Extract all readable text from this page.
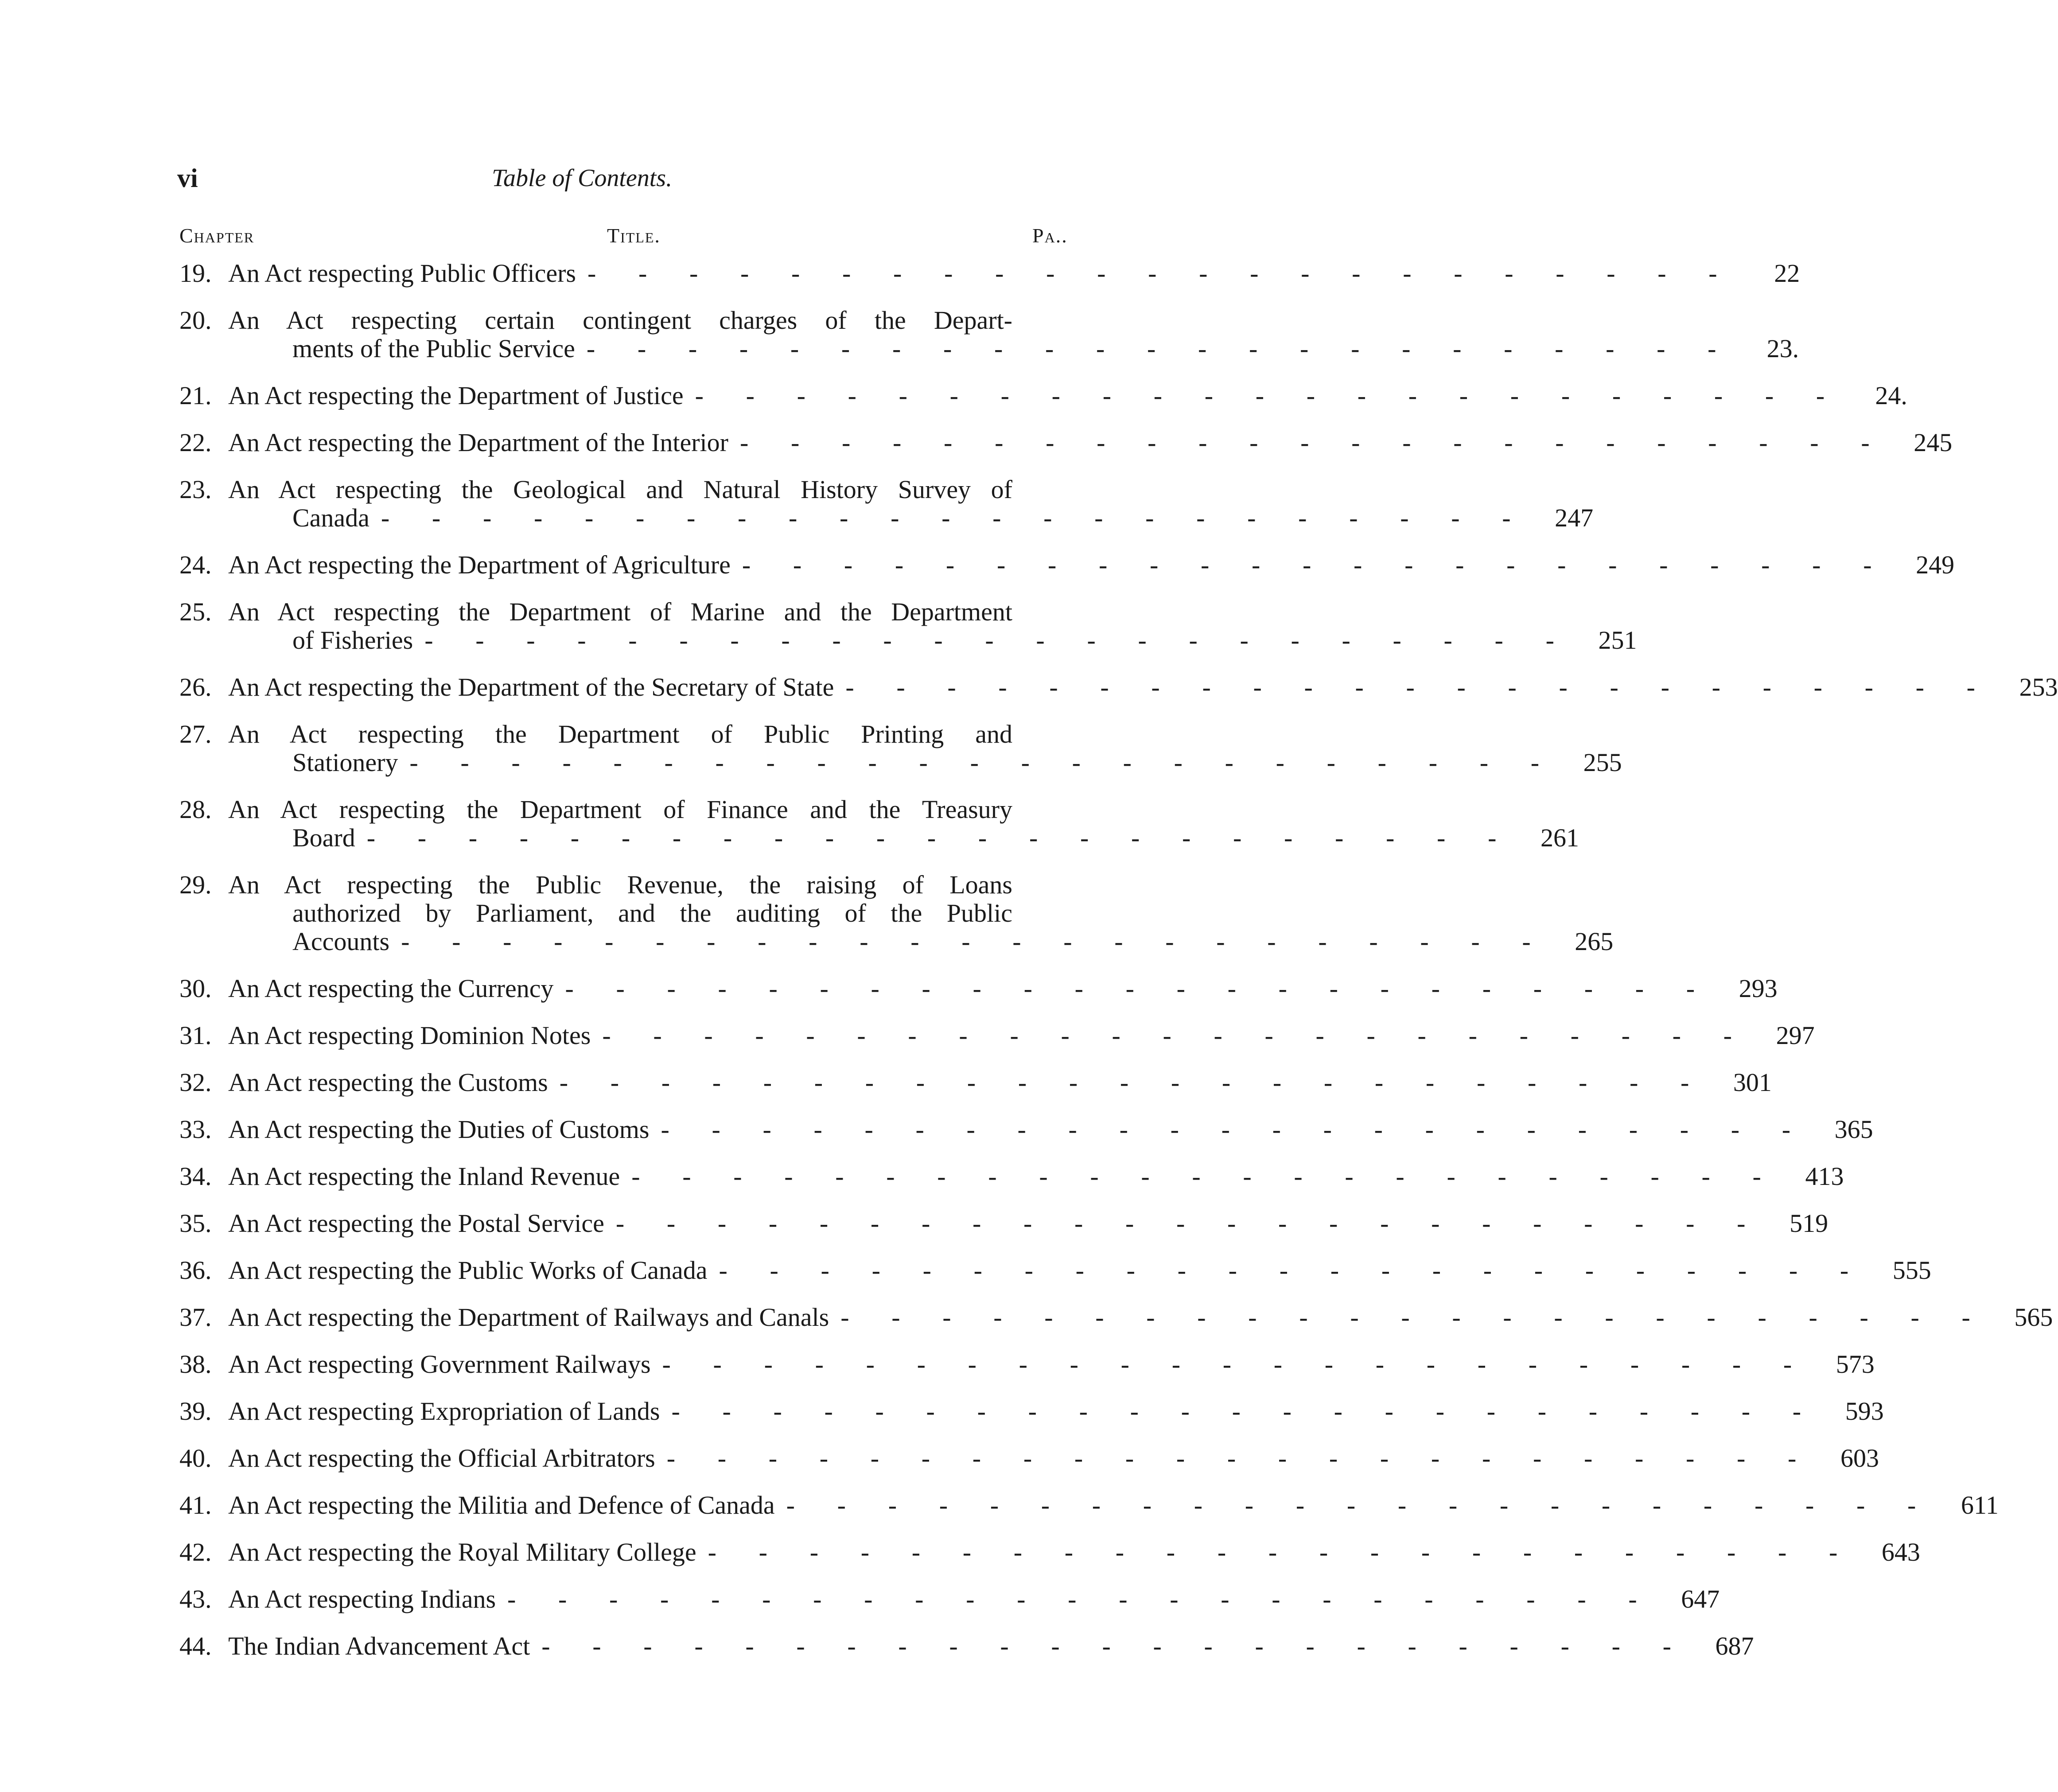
vi	Table of Contents.
Chapter	Title.	Pa..
19. An Act respecting Public Officers - - - - - - - - - - - - - - - - - - - - - - -	22
20. An Act respecting certain contingent charges of the Depart-
ments of the Public Service - - - - - - - - - - - - - - - - - - - - - - -	23.
21. An Act respecting the Department of Justice - - - - - - - - - - - - - - - - - - - - - - -	24.
22. An Act respecting the Department of the Interior - - - - - - - - - - - - - - - - - - - - - - -	245
23. An Act respecting the Geological and Natural History Survey of
Canada - - - - - - - - - - - - - - - - - - - - - - -	247
24. An Act respecting the Department of Agriculture - - - - - - - - - - - - - - - - - - - - - - -	249
25. An Act respecting the Department of Marine and the Department
of Fisheries - - - - - - - - - - - - - - - - - - - - - - -	251
26. An Act respecting the Department of the Secretary of State - - - - - - - - - - - - - - - - - - - - - - -	253
27. An Act respecting the Department of Public Printing and
Stationery - - - - - - - - - - - - - - - - - - - - - - -	255
28. An Act respecting the Department of Finance and the Treasury
Board - - - - - - - - - - - - - - - - - - - - - - -	261
29. An Act respecting the Public Revenue, the raising of Loans
authorized by Parliament, and the auditing of the Public
Accounts - - - - - - - - - - - - - - - - - - - - - - -	265
30. An Act respecting the Currency - - - - - - - - - - - - - - - - - - - - - - -	293
31. An Act respecting Dominion Notes - - - - - - - - - - - - - - - - - - - - - - -	297
32. An Act respecting the Customs - - - - - - - - - - - - - - - - - - - - - - -	301
33. An Act respecting the Duties of Customs - - - - - - - - - - - - - - - - - - - - - - -	365
34. An Act respecting the Inland Revenue - - - - - - - - - - - - - - - - - - - - - - -	413
35. An Act respecting the Postal Service - - - - - - - - - - - - - - - - - - - - - - -	519
36. An Act respecting the Public Works of Canada - - - - - - - - - - - - - - - - - - - - - - -	555
37. An Act respecting the Department of Railways and Canals - - - - - - - - - - - - - - - - - - - - - - -	565
38. An Act respecting Government Railways - - - - - - - - - - - - - - - - - - - - - - -	573
39. An Act respecting Expropriation of Lands - - - - - - - - - - - - - - - - - - - - - - -	593
40. An Act respecting the Official Arbitrators - - - - - - - - - - - - - - - - - - - - - - -	603
41. An Act respecting the Militia and Defence of Canada - - - - - - - - - - - - - - - - - - - - - - -	611
42. An Act respecting the Royal Military College - - - - - - - - - - - - - - - - - - - - - - -	643
43. An Act respecting Indians - - - - - - - - - - - - - - - - - - - - - - -	647
44. The Indian Advancement Act - - - - - - - - - - - - - - - - - - - - - - -	687
